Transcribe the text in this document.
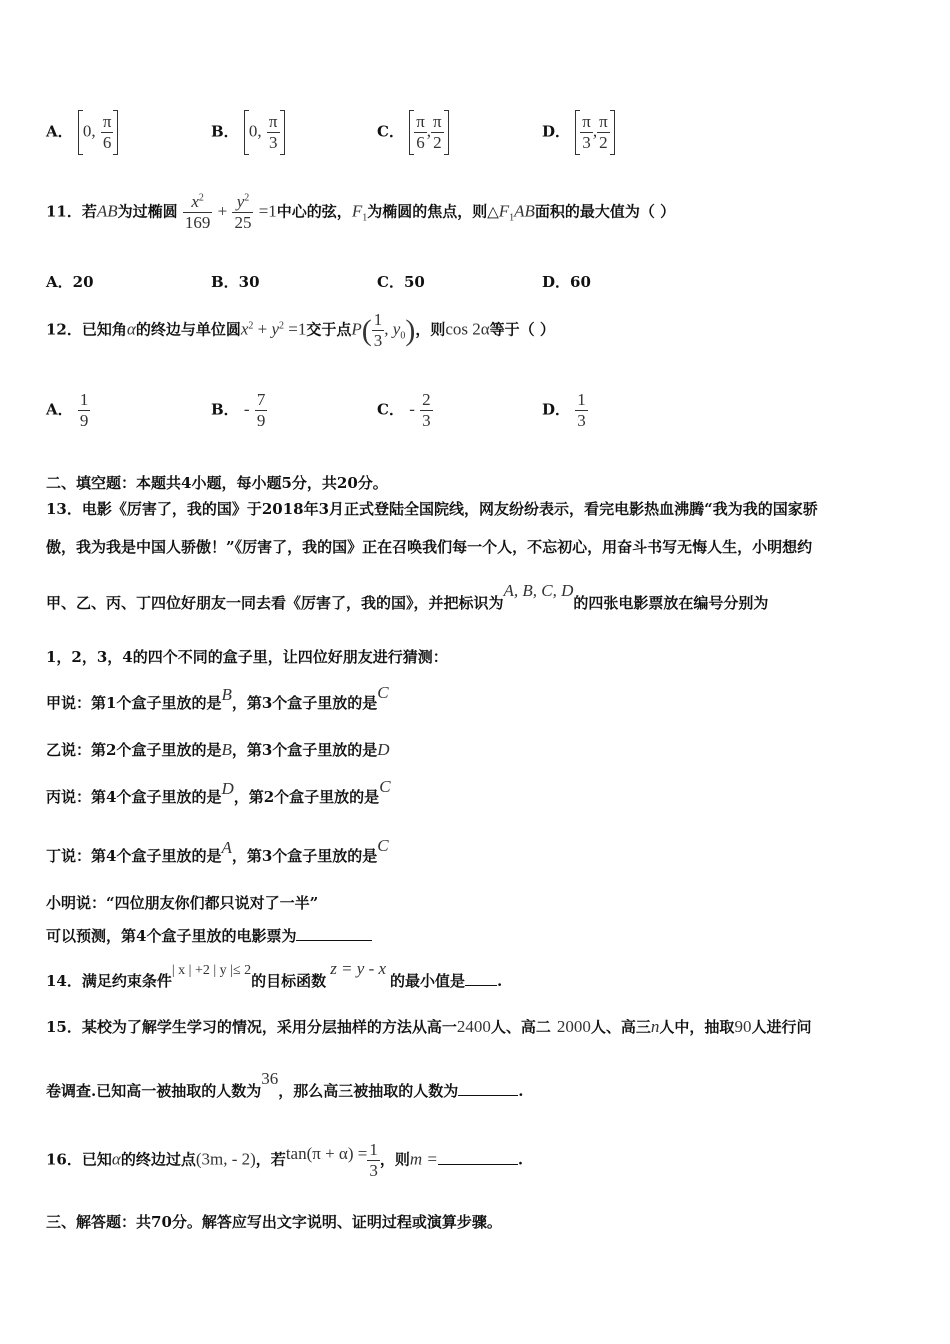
A． 0, $\frac{\pi}{6}$	B． 0, $\frac{\pi}{3}$	C． $\frac{\pi}{6}$ , $\frac{\pi}{2}$	D． $\frac{\pi}{3}$ , $\frac{\pi}{2}$
11．若AB为过椭圆 $\frac{x^2}{169} + \frac{y^2}{25} =1$中心的弦，$F_1$为椭圆的焦点，则$\triangle F_1AB$面积的最大值为（ ）
A．20	B．30	C．50	D．60
12．已知角α的终边与单位圆$x^2 + y^2 =1$交于点$P( \frac{1}{3}$ , $y_0$)，则cos 2α等于（ ）
A． $\frac{1}{9}$	B． - $\frac{7}{9}$	C． - $\frac{2}{3}$	D． $\frac{1}{3}$
二、填空题：本题共4小题，每小题5分，共20分。
13．电影《厉害了，我的国》于2018年3月正式登陆全国院线，网友纷纷表示，看完电影热血沸腾“我为我的国家骄
傲，我为我是中国人骄傲！”《厉害了，我的国》正在召唤我们每一个人，不忘初心，用奋斗书写无悔人生，小明想约
甲、乙、丙、丁四位好朋友一同去看《厉害了，我的国》，并把标识为A, B, C, D的四张电影票放在编号分别为
1，2，3，4的四个不同的盒子里，让四位好朋友进行猜测：
甲说：第1个盒子里放的是B，第3个盒子里放的是C
乙说：第2个盒子里放的是B，第3个盒子里放的是D
丙说：第4个盒子里放的是D，第2个盒子里放的是C
丁说：第4个盒子里放的是A，第3个盒子里放的是C
小明说：“四位朋友你们都只说对了一半”
可以预测，第4个盒子里放的电影票为
14．满足约束条件| x | +2 | y |≤ 2的目标函数z = y - x的最小值是 .
15．某校为了解学生学习的情况，采用分层抽样的方法从高一2400人、高二 2000人、高三n人中，抽取90人进行问
卷调查.已知高一被抽取的人数为36，那么高三被抽取的人数为	.
16．已知α的终边过点(3m, - 2)，若$\tan(\pi + \alpha) = \frac{1}{3}$ ，则m =	.
三、解答题：共70分。解答应写出文字说明、证明过程或演算步骤。
